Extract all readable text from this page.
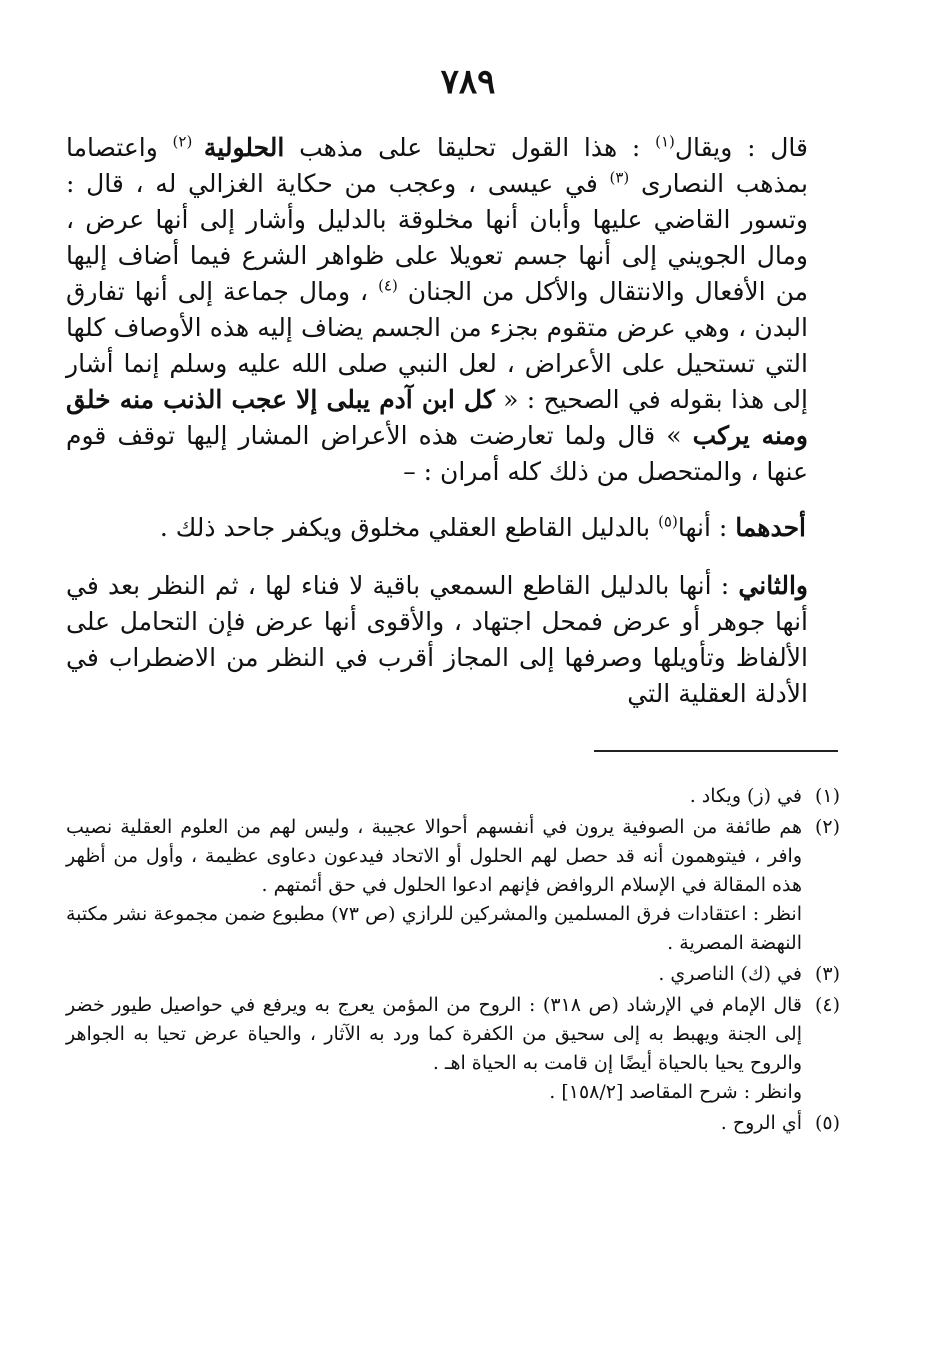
٧٨٩

قال : ويقال$^{(١)}$ : هذا القول تحليقا على مذهب الحلولية $^{(٢)}$ واعتصاما بمذهب النصارى $^{(٣)}$ في عيسى ، وعجب من حكاية الغزالي له ، قال : وتسور القاضي عليها وأبان أنها مخلوقة بالدليل وأشار إلى أنها عرض ، ومال الجويني إلى أنها جسم تعويلا على ظواهر الشرع فيما أضاف إليها من الأفعال والانتقال والأكل من الجنان $^{(٤)}$ ، ومال جماعة إلى أنها تفارق البدن ، وهي عرض متقوم بجزء من الجسم يضاف إليه هذه الأوصاف كلها التي تستحيل على الأعراض ، لعل النبي صلى الله عليه وسلم إنما أشار إلى هذا بقوله في الصحيح : « كل ابن آدم يبلى إلا عجب الذنب منه خلق ومنه يركب » قال ولما تعارضت هذه الأعراض المشار إليها توقف قوم عنها ، والمتحصل من ذلك كله أمران : –

أحدهما : أنها$^{(٥)}$ بالدليل القاطع العقلي مخلوق ويكفر جاحد ذلك .

والثاني : أنها بالدليل القاطع السمعي باقية لا فناء لها ، ثم النظر بعد في أنها جوهر أو عرض فمحل اجتهاد ، والأقوى أنها عرض فإن التحامل على الألفاظ وتأويلها وصرفها إلى المجاز أقرب في النظر من الاضطراب في الأدلة العقلية التي

(١)

في (ز) ويكاد .

(٢)

هم طائفة من الصوفية يرون في أنفسهم أحوالا عجيبة ، وليس لهم من العلوم العقلية نصيب وافر ، فيتوهمون أنه قد حصل لهم الحلول أو الاتحاد فيدعون دعاوى عظيمة ، وأول من أظهر هذه المقالة في الإسلام الروافض فإنهم ادعوا الحلول في حق أئمتهم .

انظر : اعتقادات فرق المسلمين والمشركين للرازي (ص ٧٣) مطبوع ضمن مجموعة نشر مكتبة النهضة المصرية .

(٣)

في (ك) الناصري .

(٤)

قال الإمام في الإرشاد (ص ٣١٨) : الروح من المؤمن يعرج به ويرفع في حواصيل طيور خضر إلى الجنة ويهبط به إلى سحيق من الكفرة كما ورد به الآثار ، والحياة عرض تحيا به الجواهر والروح يحيا بالحياة أيضًا إن قامت به الحياة اهـ .

وانظر : شرح المقاصد [١٥٨/٢] .

(٥)

أي الروح .
